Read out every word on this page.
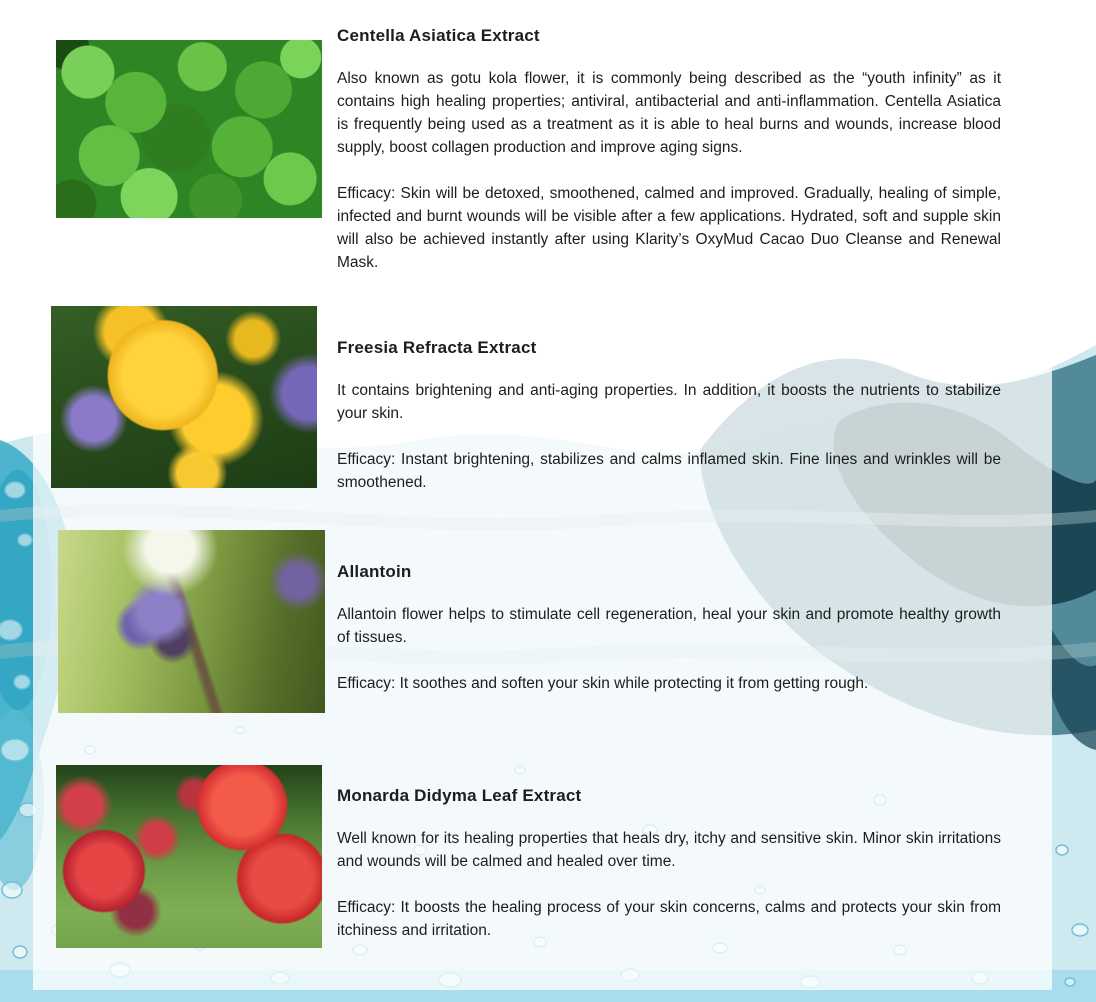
Centella Asiatica Extract

Also known as gotu kola flower, it is commonly being described as the “youth infinity” as it contains high healing properties; antiviral, antibacterial and anti-inflammation. Centella Asiatica is frequently being used as a treatment as it is able to heal burns and wounds, increase blood supply, boost collagen production and improve aging signs.

Efficacy: Skin will be detoxed, smoothened, calmed and improved. Gradually, healing of simple, infected and burnt wounds will be visible after a few applications. Hydrated, soft and supple skin will also be achieved instantly after using Klarity’s OxyMud Cacao Duo Cleanse and Renewal Mask.

Freesia Refracta Extract

It contains brightening and anti-aging properties. In addition, it boosts the nutrients to stabilize your skin.

Efficacy: Instant brightening, stabilizes and calms inflamed skin. Fine lines and wrinkles will be smoothened.

Allantoin

Allantoin flower helps to stimulate cell regeneration, heal your skin and promote healthy growth of tissues.

Efficacy: It soothes and soften your skin while protecting it from getting rough.

Monarda Didyma Leaf Extract

Well known for its healing properties that heals dry, itchy and sensitive skin. Minor skin irritations and wounds will be calmed and healed over time.

Efficacy: It boosts the healing process of your skin concerns, calms and protects your skin from itchiness and irritation.
